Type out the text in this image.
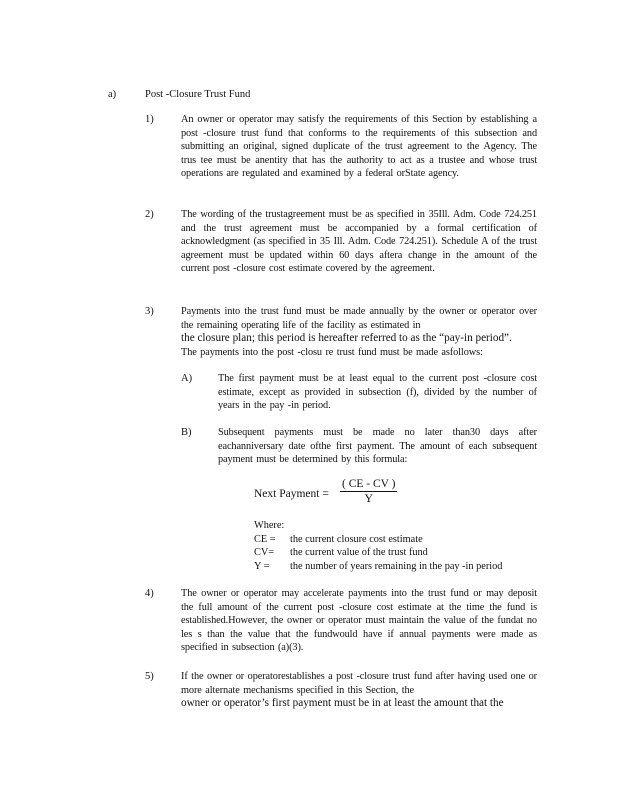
a)	Post -Closure Trust Fund
1)	An owner or operator may satisfy the requirements of this Section by establishing a post -closure trust fund that conforms to the requirements of this subsection and submitting an original, signed duplicate of the trust agreement to the Agency. The trus tee must be anentity that has the authority to act as a trustee and whose trust operations are regulated and examined by a federal orState agency.
2)	The wording of the trustagreement must be as specified in 35Ill. Adm. Code 724.251 and the trust agreement must be accompanied by a formal certification of acknowledgment (as specified in 35 Ill. Adm. Code 724.251). Schedule A of the trust agreement must be updated within 60 days aftera change in the amount of the current post -closure cost estimate covered by the agreement.
3)	Payments into the trust fund must be made annually by the owner or operator over the remaining operating life of the facility as estimated in
the closure plan; this period is hereafter referred to as the “pay-in period”.
The payments into the post -closu re trust fund must be made asfollows:
A)	The first payment must be at least equal to the current post -closure cost estimate, except as provided in subsection (f), divided by the number of years in the pay -in period.
B)	Subsequent payments must be made no later than30 days after eachanniversary date ofthe first payment. The amount of each subsequent payment must be determined by this formula:
Next Payment = $\frac{( CE - CV )}{Y}$
Where:
CE = the current closure cost estimate
CV= the current value of the trust fund
Y = the number of years remaining in the pay -in period
4)	The owner or operator may accelerate payments into the trust fund or may deposit the full amount of the current post -closure cost estimate at the time the fund is established.However, the owner or operator must maintain the value of the fundat no les s than the value that the fundwould have if annual payments were made as specified in subsection (a)(3).
5)	If the owner or operatorestablishes a post -closure trust fund after having used one or more alternate mechanisms specified in this Section, the
owner or operator’s first payment must be in at least the amount that the
